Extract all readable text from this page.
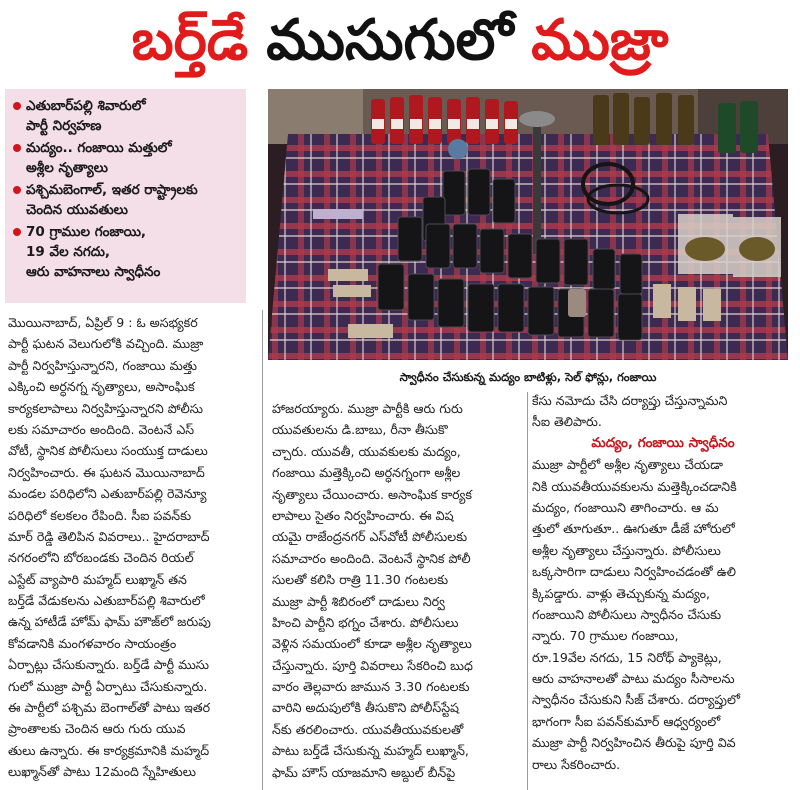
బర్త్‌డే ముసుగులో ముజ్రా
ఎతుబార్‌పల్లి శివారులో
పార్టీ నిర్వహణ
మద్యం.. గంజాయి మత్తులో
అశ్లీల నృత్యాలు
పశ్చిమబెంగాల్, ఇతర రాష్ట్రాలకు
చెందిన యువతులు
70 గ్రాముల గంజాయి,
19 వేల నగదు,
ఆరు వాహనాలు స్వాధీనం
స్వాధీనం చేసుకున్న మద్యం బాటిళ్లు, సెల్ ఫోన్లు, గంజాయి
మొయినాబాద్, ఏప్రిల్ 9 : ఓ అసభ్యకర
పార్టీ ఘటన వెలుగులోకి వచ్చింది. ముజ్రా
పార్టీ నిర్వహిస్తున్నారని, గంజాయి మత్తు
ఎక్కించి అర్ధనగ్న నృత్యాలు, అసాంఘిక
కార్యకలాపాలు నిర్వహిస్తున్నారని పోలీసు
లకు సమాచారం అందింది. వెంటనే ఎస్‌
వోటీ, స్థానిక పోలీసులు సంయుక్త దాడులు
నిర్వహించారు. ఈ ఘటన మొయినాబాద్‌
మండల పరిధిలోని ఎతుబార్‌పల్లి రెవెన్యూ
పరిధిలో కలకలం రేపింది. సీఐ పవన్‌కు
మార్ రెడ్డి తెలిపిన వివరాలు.. హైదరాబాద్‌
నగరంలోని బోరబండకు చెందిన రియల్‌
ఎస్టేట్ వ్యాపారి మహ్మద్ లుఖ్మాన్ తన
బర్త్‌డే వేడుకలను ఎతుబార్‌పల్లి శివారులో
ఉన్న హాటీడే హోమ్ ఫామ్ హౌజ్‌లో జరుపు
కోవడానికి మంగళవారం సాయంత్రం
ఏర్పాట్లు చేసుకున్నారు. బర్త్‌డే పార్టీ ముసు
గులో ముజ్రా పార్టీ ఏర్పాటు చేసుకున్నారు.
ఈ పార్టీలో పశ్చిమ బెంగాల్‌తో పాటు ఇతర
ప్రాంతాలకు చెందిన ఆరు గురు యువ
తులు ఉన్నారు. ఈ కార్యక్రమానికి మహ్మద్‌
లుఖ్మాన్‌తో పాటు 12మంది స్నేహితులు
హాజరయ్యారు. ముజ్రా పార్టీకి ఆరు గురు
యువతులను డి.బాబు, రీనా తీసుకొ
చ్చారు. యువతీ, యువకులకు మద్యం,
గంజాయి మత్తెక్కించి అర్ధనగ్నంగా అశ్లీల
నృత్యాలు చేయించారు. అసాంఘిక కార్యక
లాపాలు సైతం నిర్వహించారు. ఈ విష
యమై రాజేంద్రనగర్ ఎస్‌వోటీ పోలీసులకు
సమాచారం అందింది. వెంటనే స్థానిక పోలీ
సులతో కలిసి రాత్రి 11.30 గంటలకు
ముజ్రా పార్టీ శిబిరంలో దాడులు నిర్వ
హించి పార్టీని భగ్నం చేశారు. పోలీసులు
వెళ్లిన సమయంలో కూడా అశ్లీల నృత్యాలు
చేస్తున్నారు. పూర్తి వివరాలు సేకరించి బుధ
వారం తెల్లవారు జామున 3.30 గంటలకు
వారిని అదుపులోకి తీసుకొని పోలీస్‌స్టేష
న్‌కు తరలించారు. యువతీయువకులతో
పాటు బర్త్‌డే చేసుకున్న మహ్మద్ లుఖ్మాన్,
ఫామ్ హౌస్ యాజమాని అబ్దుల్ బీన్‌పై
కేసు నమోదు చేసి దర్యాప్తు చేస్తున్నామని
సీఐ తెలిపారు.
మద్యం, గంజాయి స్వాధీనం
ముజ్రా పార్టీలో అశ్లీల నృత్యాలు చేయడా
నికి యువతీయువకులను మత్తెక్కించడానికి
మద్యం, గంజాయిని తాగించారు. ఆ మ
త్తులో తూగుతూ.. ఊగుతూ డీజే హోరులో
అశ్లీల నృత్యాలు చేస్తున్నారు. పోలీసులు
ఒక్కసారిగా దాడులు నిర్వహించడంతో ఉలి
క్కిపడ్డారు. వాళ్లు తెచ్చుకున్న మద్యం,
గంజాయిని పోలీసులు స్వాధీనం చేసుకు
న్నారు. 70 గ్రాముల గంజాయి,
రూ.19వేల నగదు, 15 నిరోధ్ ప్యాకెట్లు,
ఆరు వాహనాలతో పాటు మద్యం సీసాలను
స్వాధీనం చేసుకుని సీజ్ చేశారు. దర్యాప్తులో
భాగంగా సీఐ పవన్‌కుమార్ ఆధ్వర్యంలో
ముజ్రా పార్టీ నిర్వహించిన తీరుపై పూర్తి వివ
రాలు సేకరించారు.
